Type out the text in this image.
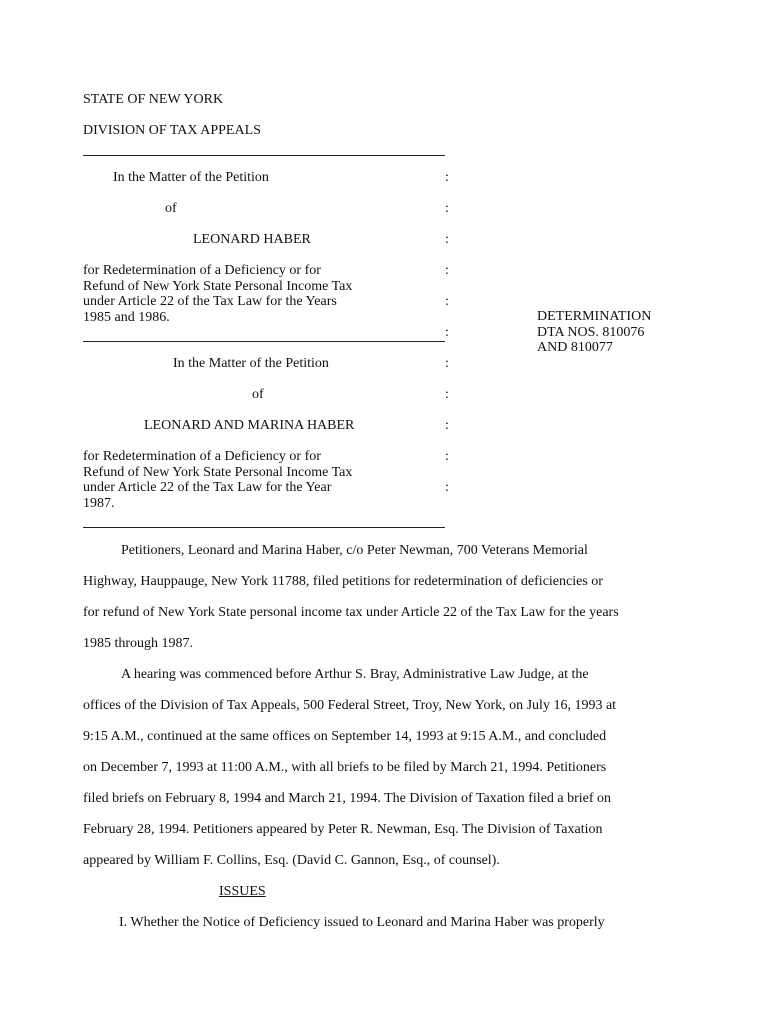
STATE OF NEW YORK
DIVISION OF TAX APPEALS
In the Matter of the Petition
of
LEONARD HABER
for Redetermination of a Deficiency or for
Refund of New York State Personal Income Tax
under Article 22 of the Tax Law for the Years
1985 and 1986.
:
:
:
:
:
:
:
:
:
:
:
DETERMINATION
DTA NOS. 810076
AND 810077
In the Matter of the Petition
of
LEONARD AND MARINA HABER
for Redetermination of a Deficiency or for
Refund of New York State Personal Income Tax
under Article 22 of the Tax Law for the Year
1987.
Petitioners, Leonard and Marina Haber, c/o Peter Newman, 700 Veterans Memorial
Highway, Hauppauge, New York 11788, filed petitions for redetermination of deficiencies or
for refund of New York State personal income tax under Article 22 of the Tax Law for the years
1985 through 1987.
A hearing was commenced before Arthur S. Bray, Administrative Law Judge, at the
offices of the Division of Tax Appeals, 500 Federal Street, Troy, New York, on July 16, 1993 at
9:15 A.M., continued at the same offices on September 14, 1993 at 9:15 A.M., and concluded
on December 7, 1993 at 11:00 A.M., with all briefs to be filed by March 21, 1994. Petitioners
filed briefs on February 8, 1994 and March 21, 1994. The Division of Taxation filed a brief on
February 28, 1994. Petitioners appeared by Peter R. Newman, Esq. The Division of Taxation
appeared by William F. Collins, Esq. (David C. Gannon, Esq., of counsel).
ISSUES
I. Whether the Notice of Deficiency issued to Leonard and Marina Haber was properly
